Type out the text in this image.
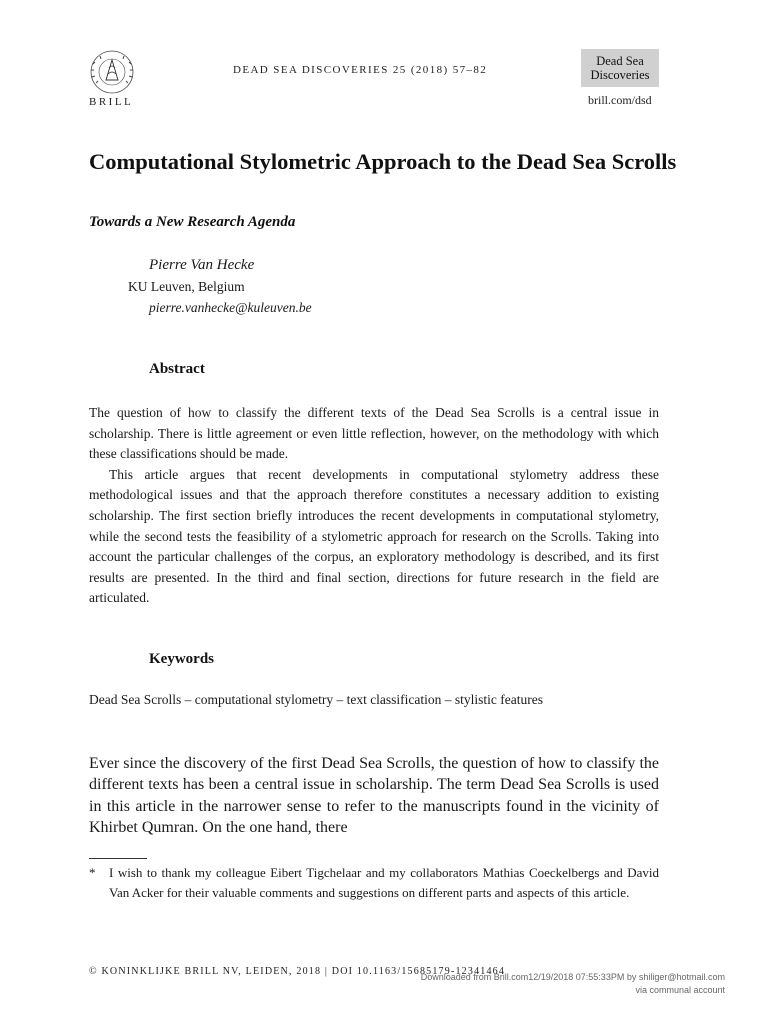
BRILL
DEAD SEA DISCOVERIES 25 (2018) 57–82
Dead Sea
Discoveries
brill.com/dsd
Computational Stylometric Approach to the Dead Sea Scrolls
Towards a New Research Agenda
Pierre Van Hecke
KU Leuven, Belgium
pierre.vanhecke@kuleuven.be
Abstract

The question of how to classify the different texts of the Dead Sea Scrolls is a central issue in scholarship. There is little agreement or even little reflection, however, on the methodology with which these classifications should be made.

This article argues that recent developments in computational stylometry address these methodological issues and that the approach therefore constitutes a necessary addition to existing scholarship. The first section briefly introduces the recent developments in computational stylometry, while the second tests the feasibility of a stylometric approach for research on the Scrolls. Taking into account the particular challenges of the corpus, an exploratory methodology is described, and its first results are presented. In the third and final section, directions for future research in the field are articulated.

Keywords
Dead Sea Scrolls – computational stylometry – text classification – stylistic features

Ever since the discovery of the first Dead Sea Scrolls, the question of how to classify the different texts has been a central issue in scholarship. The term Dead Sea Scrolls is used in this article in the narrower sense to refer to the manuscripts found in the vicinity of Khirbet Qumran. On the one hand, there

* I wish to thank my colleague Eibert Tigchelaar and my collaborators Mathias Coeckelbergs and David Van Acker for their valuable comments and suggestions on different parts and aspects of this article.
© KONINKLIJKE BRILL NV, LEIDEN, 2018 | DOI 10.1163/15685179-12341464
Downloaded from Brill.com12/19/2018 07:55:33PM by shiliger@hotmail.com
via communal account
